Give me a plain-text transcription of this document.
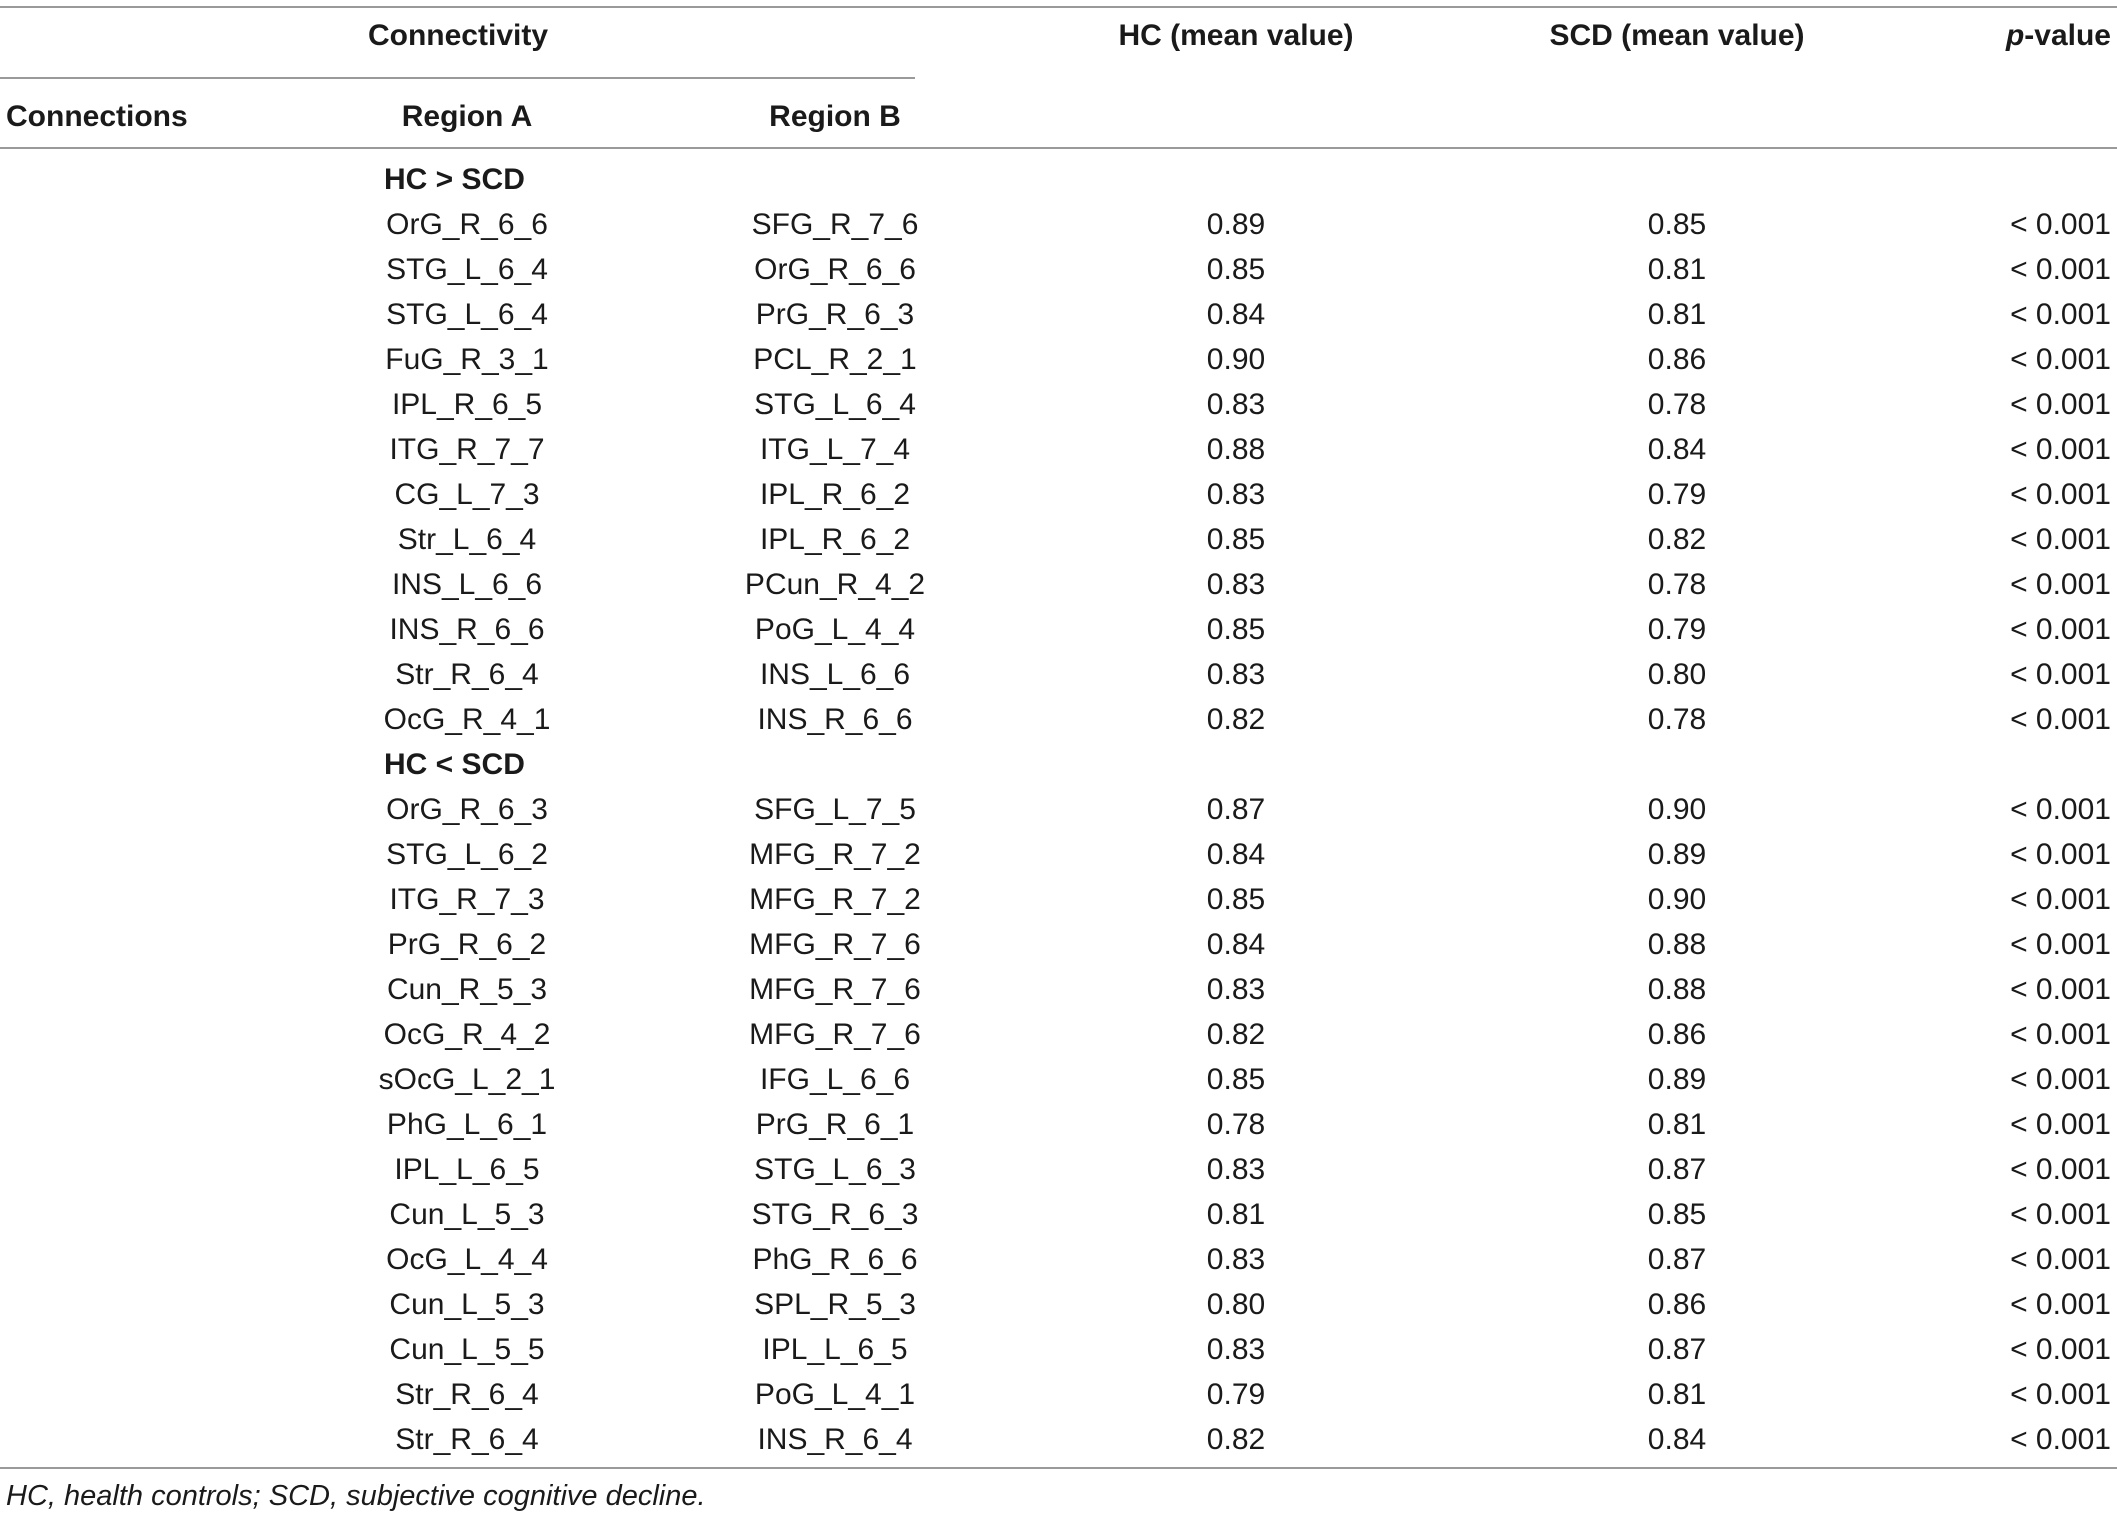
Connectivity	HC (mean value)	SCD (mean value)	p-value
Connections	Region A	Region B
HC > SCD
OrG_R_6_6	SFG_R_7_6	0.89	0.85	< 0.001
STG_L_6_4	OrG_R_6_6	0.85	0.81	< 0.001
STG_L_6_4	PrG_R_6_3	0.84	0.81	< 0.001
FuG_R_3_1	PCL_R_2_1	0.90	0.86	< 0.001
IPL_R_6_5	STG_L_6_4	0.83	0.78	< 0.001
ITG_R_7_7	ITG_L_7_4	0.88	0.84	< 0.001
CG_L_7_3	IPL_R_6_2	0.83	0.79	< 0.001
Str_L_6_4	IPL_R_6_2	0.85	0.82	< 0.001
INS_L_6_6	PCun_R_4_2	0.83	0.78	< 0.001
INS_R_6_6	PoG_L_4_4	0.85	0.79	< 0.001
Str_R_6_4	INS_L_6_6	0.83	0.80	< 0.001
OcG_R_4_1	INS_R_6_6	0.82	0.78	< 0.001
HC < SCD
OrG_R_6_3	SFG_L_7_5	0.87	0.90	< 0.001
STG_L_6_2	MFG_R_7_2	0.84	0.89	< 0.001
ITG_R_7_3	MFG_R_7_2	0.85	0.90	< 0.001
PrG_R_6_2	MFG_R_7_6	0.84	0.88	< 0.001
Cun_R_5_3	MFG_R_7_6	0.83	0.88	< 0.001
OcG_R_4_2	MFG_R_7_6	0.82	0.86	< 0.001
sOcG_L_2_1	IFG_L_6_6	0.85	0.89	< 0.001
PhG_L_6_1	PrG_R_6_1	0.78	0.81	< 0.001
IPL_L_6_5	STG_L_6_3	0.83	0.87	< 0.001
Cun_L_5_3	STG_R_6_3	0.81	0.85	< 0.001
OcG_L_4_4	PhG_R_6_6	0.83	0.87	< 0.001
Cun_L_5_3	SPL_R_5_3	0.80	0.86	< 0.001
Cun_L_5_5	IPL_L_6_5	0.83	0.87	< 0.001
Str_R_6_4	PoG_L_4_1	0.79	0.81	< 0.001
Str_R_6_4	INS_R_6_4	0.82	0.84	< 0.001
HC, health controls; SCD, subjective cognitive decline.
